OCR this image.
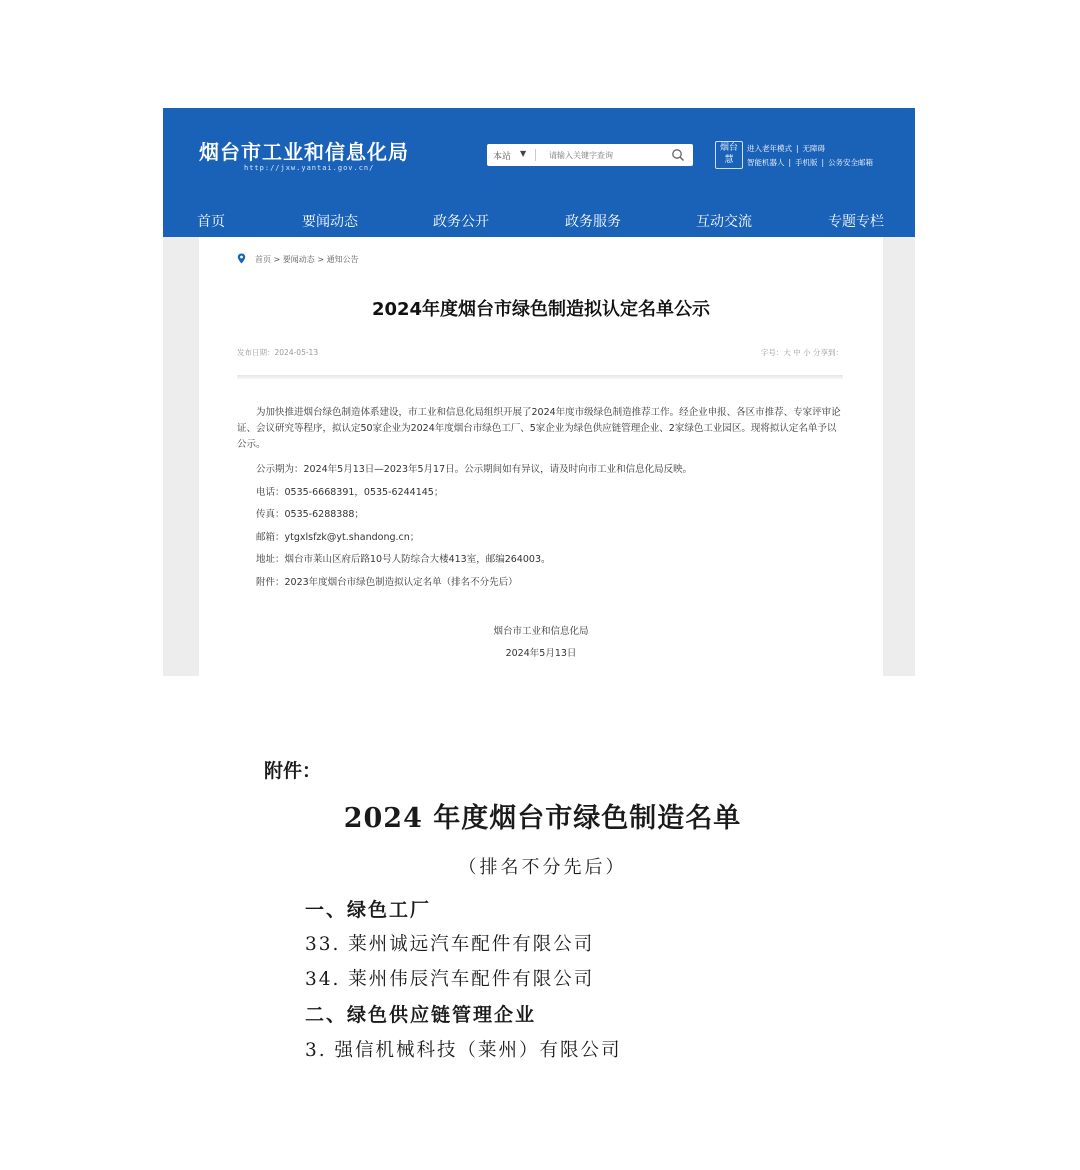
烟台市工业和信息化局
http://jxw.yantai.gov.cn/
本站 ▼
请输入关键字查询
烟台慧
进入老年模式 | 无障碍
智能机器人 | 手机版 | 公务安全邮箱
首页	要闻动态	政务公开	政务服务	互动交流	专题专栏
首页 > 要闻动态 > 通知公告
2024年度烟台市绿色制造拟认定名单公示
发布日期：2024-05-13	字号：大 中 小 分享到：
为加快推进烟台绿色制造体系建设，市工业和信息化局组织开展了2024年度市级绿色制造推荐工作。经企业申报、各区市推荐、专家评审论证、会议研究等程序，拟认定50家企业为2024年度烟台市绿色工厂、5家企业为绿色供应链管理企业、2家绿色工业园区。现将拟认定名单予以公示。
公示期为：2024年5月13日—2023年5月17日。公示期间如有异议，请及时向市工业和信息化局反映。
电话：0535-6668391，0535-6244145；
传真：0535-6288388；
邮箱：ytgxlsfzk@yt.shandong.cn；
地址：烟台市莱山区府后路10号人防综合大楼413室，邮编264003。
附件：2023年度烟台市绿色制造拟认定名单（排名不分先后）
烟台市工业和信息化局
2024年5月13日
附件：
2024 年度烟台市绿色制造名单
（排名不分先后）
一、绿色工厂
33. 莱州诚远汽车配件有限公司
34. 莱州伟辰汽车配件有限公司
二、绿色供应链管理企业
3. 强信机械科技（莱州）有限公司
